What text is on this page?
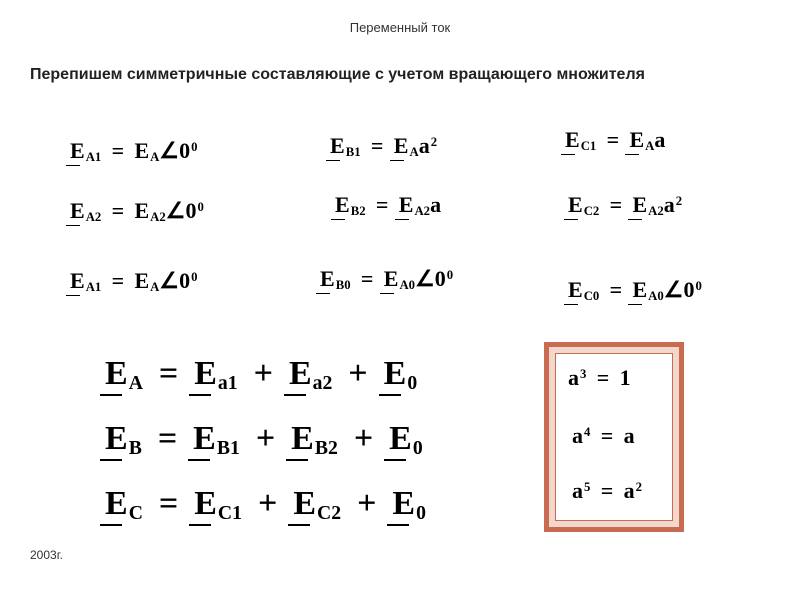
Переменный ток
Перепишем симметричные составляющие с учетом вращающего множителя
$E_{A1}$ = $E_A\angle 0^0$	$E_{B1} = E_Aa^2$	$E_{C1} = E_Aa$
$E_{A2}$ = $E_{A2}\angle 0^0$	$E_{B2} = E_{A2}a$	$E_{C2} = E_{A2}a^2$
$E_{A1}$ = $E_A\angle 0^0$	$E_{B0}$ = $E_{A0}\angle 0^0$
$E_{C0}$ = $E_{A0}\angle 0^0$
$E_A = E_{a1} + E_{a2} + E_0$
$E_B = E_{B1} + E_{B2} + E_0$
$E_C = E_{C1} + E_{C2} + E_0$
$a^3 = 1$
$a^4 = a$
$a^5 = a^2$
2003г.
